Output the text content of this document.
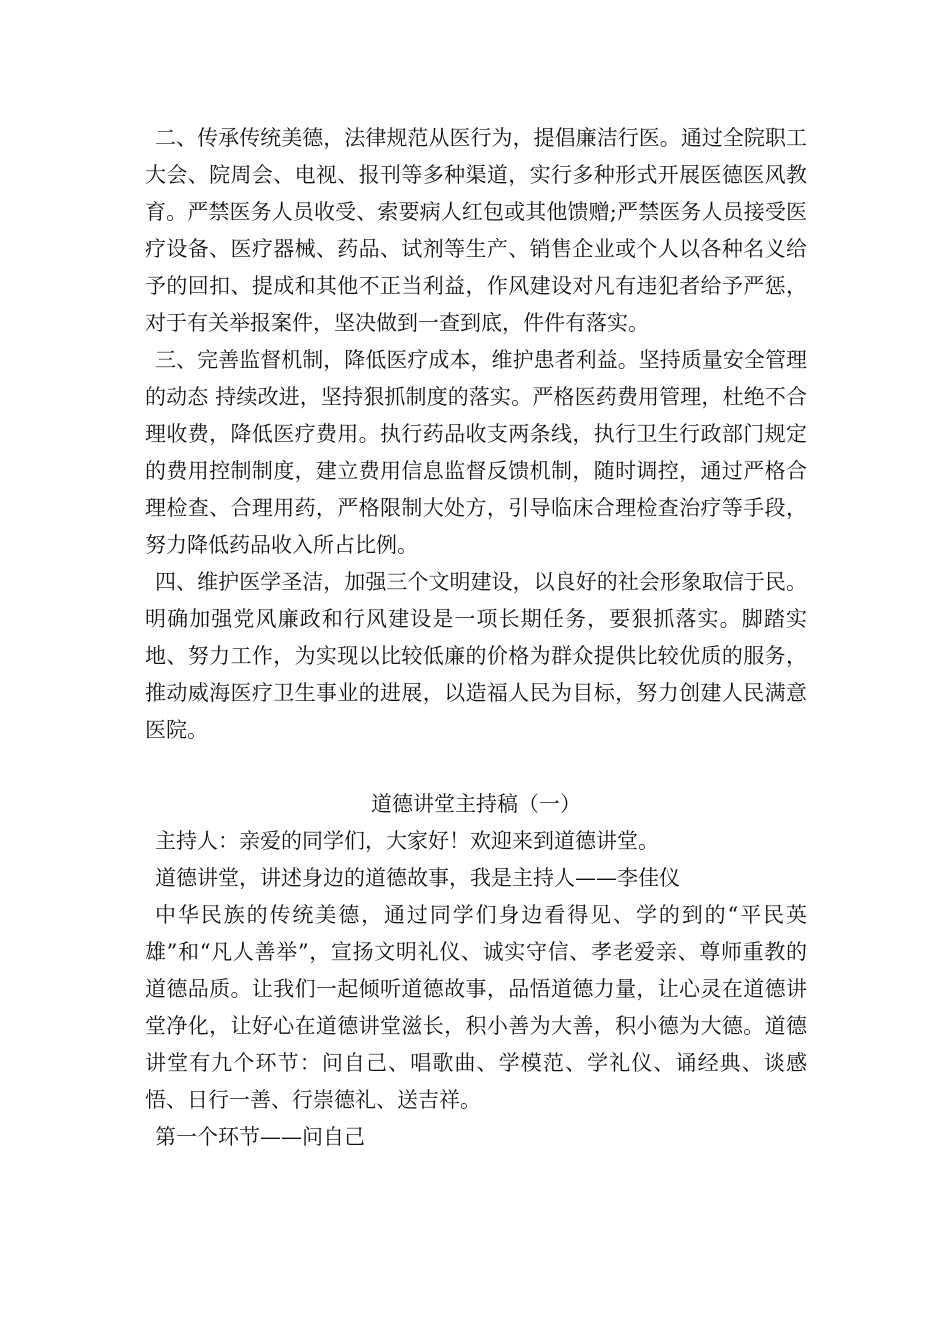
二、传承传统美德，法律规范从医行为，提倡廉洁行医。通过全院职工大会、院周会、电视、报刊等多种渠道，实行多种形式开展医德医风教育。严禁医务人员收受、索要病人红包或其他馈赠;严禁医务人员接受医疗设备、医疗器械、药品、试剂等生产、销售企业或个人以各种名义给予的回扣、提成和其他不正当利益，作风建设对凡有违犯者给予严惩，对于有关举报案件，坚决做到一查到底，件件有落实。

三、完善监督机制，降低医疗成本，维护患者利益。坚持质量安全管理的动态 持续改进，坚持狠抓制度的落实。严格医药费用管理，杜绝不合理收费，降低医疗费用。执行药品收支两条线，执行卫生行政部门规定的费用控制制度，建立费用信息监督反馈机制，随时调控，通过严格合理检查、合理用药，严格限制大处方，引导临床合理检查治疗等手段，努力降低药品收入所占比例。

四、维护医学圣洁，加强三个文明建设，以良好的社会形象取信于民。明确加强党风廉政和行风建设是一项长期任务，要狠抓落实。脚踏实地、努力工作，为实现以比较低廉的价格为群众提供比较优质的服务，推动威海医疗卫生事业的进展，以造福人民为目标，努力创建人民满意医院。

道德讲堂主持稿（一）

主持人：亲爱的同学们，大家好！欢迎来到道德讲堂。

道德讲堂，讲述身边的道德故事，我是主持人——李佳仪

中华民族的传统美德，通过同学们身边看得见、学的到的“平民英雄”和“凡人善举”，宣扬文明礼仪、诚实守信、孝老爱亲、尊师重教的道德品质。让我们一起倾听道德故事，品悟道德力量，让心灵在道德讲堂净化，让好心在道德讲堂滋长，积小善为大善，积小德为大德。道德讲堂有九个环节：问自己、唱歌曲、学模范、学礼仪、诵经典、谈感悟、日行一善、行崇德礼、送吉祥。

第一个环节——问自己
